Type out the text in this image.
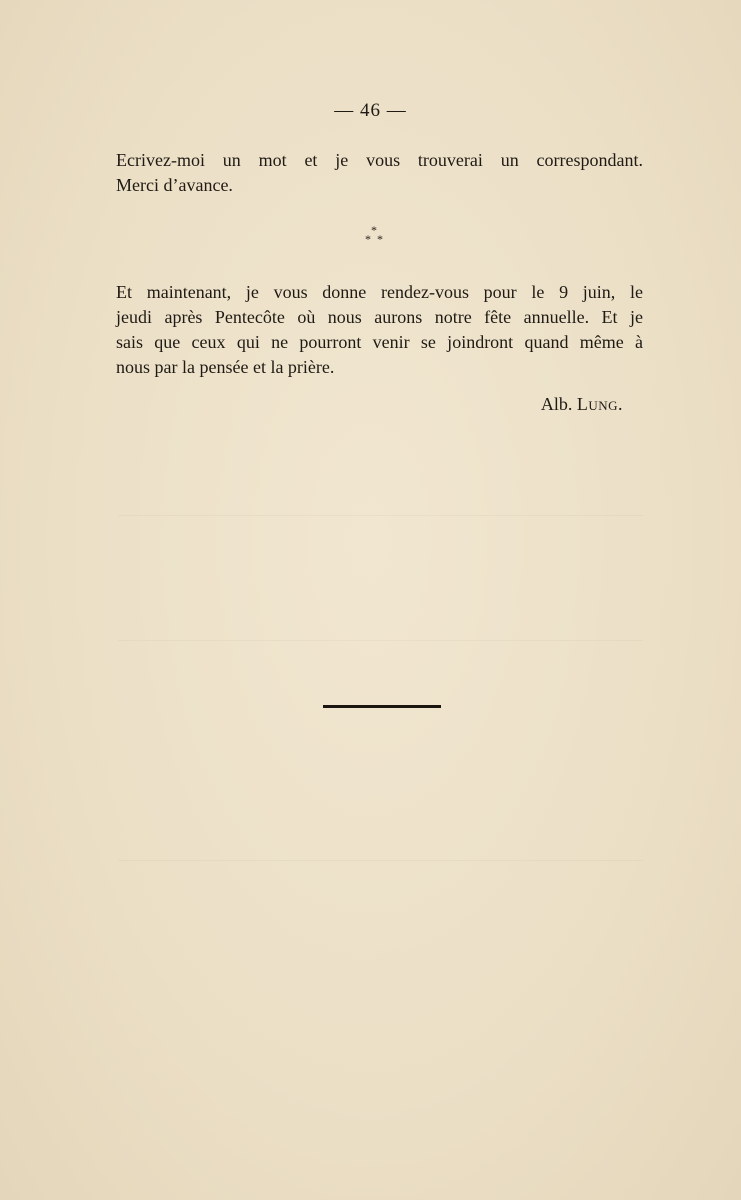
— 46 —

Ecrivez-moi un mot et je vous trouverai un correspondant.
Merci d’avance.

*
* *

Et maintenant, je vous donne rendez-vous pour le 9 juin, le
jeudi après Pentecôte où nous aurons notre fête annuelle. Et je
sais que ceux qui ne pourront venir se joindront quand même à
nous par la pensée et la prière.

Alb. Lung.
